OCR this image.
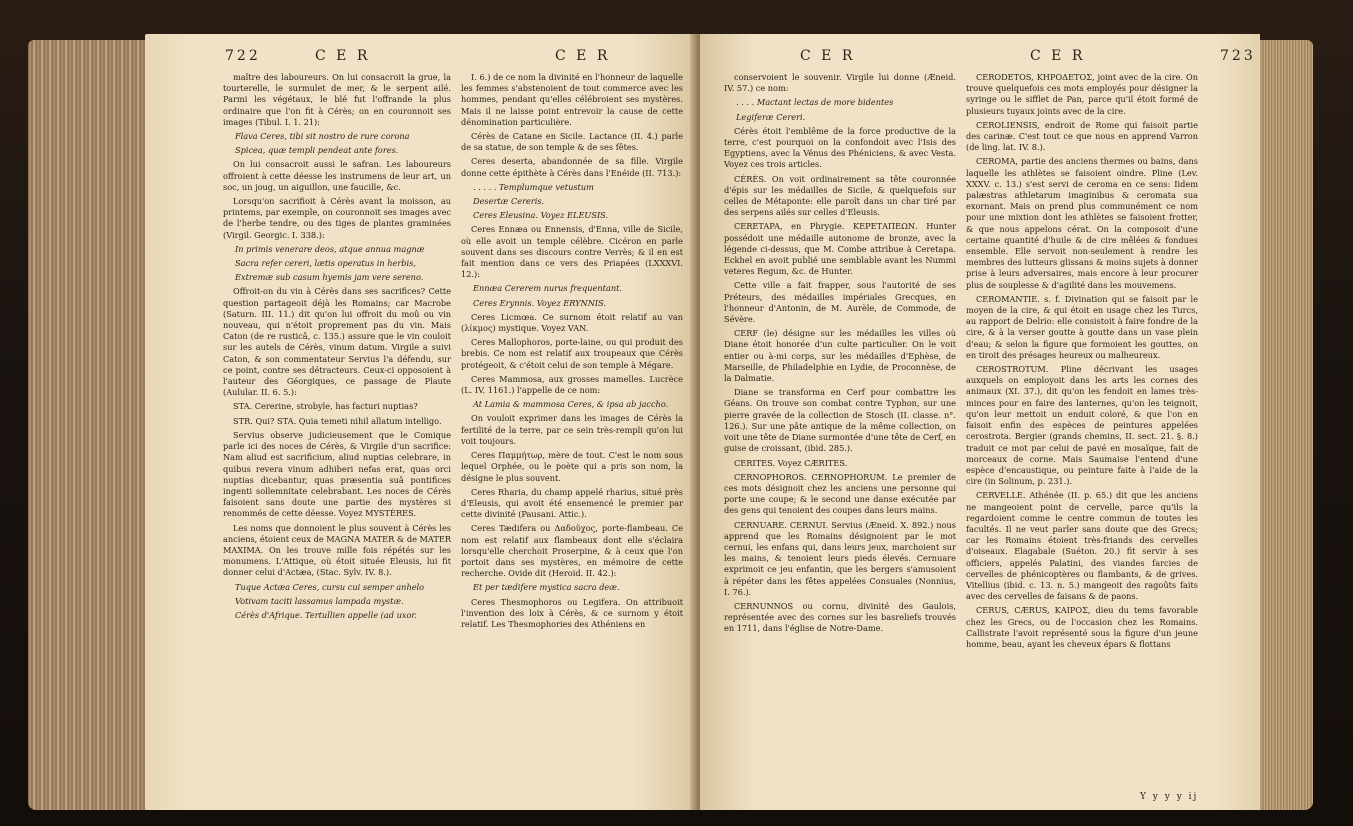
722	C E R	C E R

maître des laboureurs. On lui consacroit la grue, la tourterelle, le surmulet de mer, & le serpent ailé. Parmi les végétaux, le blé fut l'offrande la plus ordinaire que l'on fit à Cérès; on en couronnoit ses images (Tibul. I. 1. 21):

Flava Ceres, tibi sit nostro de rure corona

Spicea, quæ templi pendeat ante fores.

On lui consacroit aussi le safran. Les laboureurs offroient à cette déesse les instrumens de leur art, un soc, un joug, un aiguillon, une faucille, &c.

Lorsqu'on sacrifioit à Cérès avant la moisson, au printems, par exemple, on couronnoit ses images avec de l'herbe tendre, ou des tiges de plantes graminées (Virgil. Georgic. I. 338.):

In primis venerare deos, atque annua magnæ

Sacra refer cereri, lætis operatus in herbis,

Extremæ sub casum hyemis jam vere sereno.

Offroit-on du vin à Cérès dans ses sacrifices? Cette question partageoit déjà les Romains; car Macrobe (Saturn. III. 11.) dit qu'on lui offroit du moû ou vin nouveau, qui n'étoit proprement pas du vin. Mais Caton (de re rusticâ, c. 135.) assure que le vin couloit sur les autels de Cérès, vinum datum. Virgile a suivi Caton, & son commentateur Servius l'a défendu, sur ce point, contre ses détracteurs. Ceux-ci opposoient à l'auteur des Géorgiques, ce passage de Plaute (Aulular. II. 6. 5.):

STA. Cererine, strobyle, has facturi nuptias?

STR. Qui? STA. Quia temeti nihil allatum intelligo.

Servius observe judicieusement que le Comique parle ici des noces de Cérès, & Virgile d'un sacrifice: Nam aliud est sacrificium, aliud nuptias celebrare, in quibus revera vinum adhiberi nefas erat, quas orci nuptias dicebantur, quas præsentia suâ pontifices ingenti sollemnitate celebrabant. Les noces de Cérès faisoient sans doute une partie des mystères si renommés de cette déesse. Voyez MYSTÈRES.

Les noms que donnoient le plus souvent à Cérès les anciens, étoient ceux de MAGNA MATER & de MATER MAXIMA. On les trouve mille fois répétés sur les monumens. L'Attique, où étoit située Eleusis, lui fit donner celui d'Actæa, (Stac. Sylv. IV. 8.).

Tuque Actæa Ceres, cursu cui semper anhelo

Votivam taciti lassamus lampada mystæ.

Cérès d'Afrique. Tertullien appelle (ad uxor.

I. 6.) de ce nom la divinité en l'honneur de laquelle les femmes s'abstenoient de tout commerce avec les hommes, pendant qu'elles célébroient ses mystères. Mais il ne laisse point entrevoir la cause de cette dénomination particulière.

Cérès de Catane en Sicile. Lactance (II. 4.) parle de sa statue, de son temple & de ses fêtes.

Ceres deserta, abandonnée de sa fille. Virgile donne cette épithète à Cérès dans l'Enéide (II. 713.):

. . . . . Templumque vetustum

Desertæ Cereris.

Ceres Eleusina. Voyez ELEUSIS.

Ceres Ennæa ou Ennensis, d'Enna, ville de Sicile, où elle avoit un temple célèbre. Cicéron en parle souvent dans ses discours contre Verrès; & il en est fait mention dans ce vers des Priapées (LXXXVI. 12.):

Ennæa Cererem nurus frequentant.

Ceres Erynnis. Voyez ERYNNIS.

Ceres Licmœa. Ce surnom étoit relatif au van (λίκμος) mystique. Voyez VAN.

Ceres Mallophoros, porte-laine, ou qui produit des brebis. Ce nom est relatif aux troupeaux que Cérès protégeoit, & c'étoit celui de son temple à Mégare.

Ceres Mammosa, aux grosses mamelles. Lucrèce (L. IV. 1161.) l'appelle de ce nom:

At Lamia & mammosa Ceres, & ipsa ab jaccho.

On vouloit exprimer dans les images de Cérès la fertilité de la terre, par ce sein très-rempli qu'on lui voit toujours.

Ceres Παμμήτωρ, mère de tout. C'est le nom sous lequel Orphée, ou le poète qui a pris son nom, la désigne le plus souvent.

Ceres Rharia, du champ appelé rharius, situé près d'Eleusis, qui avoit été ensemencé le premier par cette divinité (Pausani. Attic.).

Ceres Tædifera ou Δαδοῦχος, porte-flambeau. Ce nom est relatif aux flambeaux dont elle s'éclaira lorsqu'elle cherchoit Proserpine, & à ceux que l'on portoit dans ses mystères, en mémoire de cette recherche. Ovide dit (Heroid. II. 42.):

Et per tædifere mystica sacra deæ.

Ceres Thesmophoros ou Legifera. On attribuoit l'invention des loix à Cérès, & ce surnom y étoit relatif. Les Thesmophories des Athéniens en

C E R	C E R	723

conservoient le souvenir. Virgile lui donne (Æneid. IV. 57.) ce nom:

. . . . Mactant lectas de more bidentes

Legiferæ Cereri.

Cérès étoit l'emblême de la force productive de la terre, c'est pourquoi on la confondoit avec l'Isis des Egyptiens, avec la Vénus des Phéniciens, & avec Vesta. Voyez ces trois articles.

CÉRÈS. On voit ordinairement sa tête couronnée d'épis sur les médailles de Sicile, & quelquefois sur celles de Métaponte: elle paroît dans un char tiré par des serpens ailés sur celles d'Eleusis.

CERETAPA, en Phrygie. ΚΕΡΕΤΑΠΕΩΝ. Hunter possédoit une médaille autonome de bronze, avec la légende ci-dessus, que M. Combe attribue à Ceretapa. Eckhel en avoit publié une semblable avant les Nummi veteres Regum, &c. de Hunter.

Cette ville a fait frapper, sous l'autorité de ses Préteurs, des médailles impériales Grecques, en l'honneur d'Antonin, de M. Aurèle, de Commode, de Sévère.

CERF (le) désigne sur les médailles les villes où Diane étoit honorée d'un culte particulier. On le voit entier ou à-mi corps, sur les médailles d'Ephèse, de Marseille, de Philadelphie en Lydie, de Proconnèse, de la Dalmatie.

Diane se transforma en Cerf pour combattre les Géans. On trouve son combat contre Typhon, sur une pierre gravée de la collection de Stosch (II. classe. n°. 126.). Sur une pâte antique de la même collection, on voit une tête de Diane surmontée d'une tête de Cerf, en guise de croissant, (ibid. 285.).

CERITES. Voyez CÆRITES.

CERNOPHOROS. CERNOPHORUM. Le premier de ces mots désignoit chez les anciens une personne qui porte une coupe; & le second une danse exécutée par des gens qui tenoient des coupes dans leurs mains.

CERNUARE. CERNUI. Servius (Æneid. X. 892.) nous apprend que les Romains désignoient par le mot cernui, les enfans qui, dans leurs jeux, marchoient sur les mains, & tenoient leurs pieds élevés. Cernuare exprimoit ce jeu enfantin, que les bergers s'amusoient à répéter dans les fêtes appelées Consuales (Nonnius, I. 76.).

CERNUNNOS ou cornu, divinité des Gaulois, représentée avec des cornes sur les basreliefs trouvés en 1711, dans l'église de Notre-Dame.

CERODETOS, ΚΗΡΟΔΕΤΟΣ, joint avec de la cire. On trouve quelquefois ces mots employés pour désigner la syringe ou le sifflet de Pan, parce qu'il étoit formé de plusieurs tuyaux joints avec de la cire.

CEROLIENSIS, endroit de Rome qui faisoit partie des carinæ. C'est tout ce que nous en apprend Varron (de ling. lat. IV. 8.).

CEROMA, partie des anciens thermes ou bains, dans laquelle les athlètes se faisoient oindre. Pline (Lev. XXXV. c. 13.) s'est servi de ceroma en ce sens: Iidem palæstras athletarum imaginibus & ceromata sua exornant. Mais on prend plus communément ce nom pour une mixtion dont les athlètes se faisoient frotter, & que nous appelons cérat. On la composoit d'une certaine quantité d'huile & de cire mêlées & fondues ensemble. Elle servoit non-seulement à rendre les membres des lutteurs glissans & moins sujets à donner prise à leurs adversaires, mais encore à leur procurer plus de souplesse & d'agilité dans les mouvemens.

CEROMANTIE. s. f. Divination qui se faisoit par le moyen de la cire, & qui étoit en usage chez les Turcs, au rapport de Delrio: elle consistoit à faire fondre de la cire, & à la verser goutte à goutte dans un vase plein d'eau; & selon la figure que formoient les gouttes, on en tiroit des présages heureux ou malheureux.

CEROSTROTUM. Pline décrivant les usages auxquels on employoit dans les arts les cornes des animaux (XI. 37.), dit qu'on les fendoit en lames très-minces pour en faire des lanternes, qu'on les teignoit, qu'on leur mettoit un enduit coloré, & que l'on en faisoit enfin des espèces de peintures appelées cerostrota. Bergier (grands chemins, II. sect. 21. §. 8.) traduit ce mot par celui de pavé en mosaïque, fait de morceaux de corne. Mais Saumaise l'entend d'une espèce d'encaustique, ou peinture faite à l'aide de la cire (in Solinum, p. 231.).

CERVELLE. Athénée (II. p. 65.) dit que les anciens ne mangeoient point de cervelle, parce qu'ils la regardoient comme le centre commun de toutes les facultés. Il ne veut parler sans doute que des Grecs; car les Romains étoient très-friands des cervelles d'oiseaux. Elagabale (Suéton. 20.) fit servir à ses officiers, appelés Palatini, des viandes farcies de cervelles de phénicoptères ou flambants, & de grives. Vitellius (ibid. c. 13. n. 5.) mangeoit des ragoûts faits avec des cervelles de faisans & de paons.

CERUS, CÆRUS, ΚΑΙΡΟΣ, dieu du tems favorable chez les Grecs, ou de l'occasion chez les Romains. Callistrate l'avoit représenté sous la figure d'un jeune homme, beau, ayant les cheveux épars & flottans

Y y y y ij
